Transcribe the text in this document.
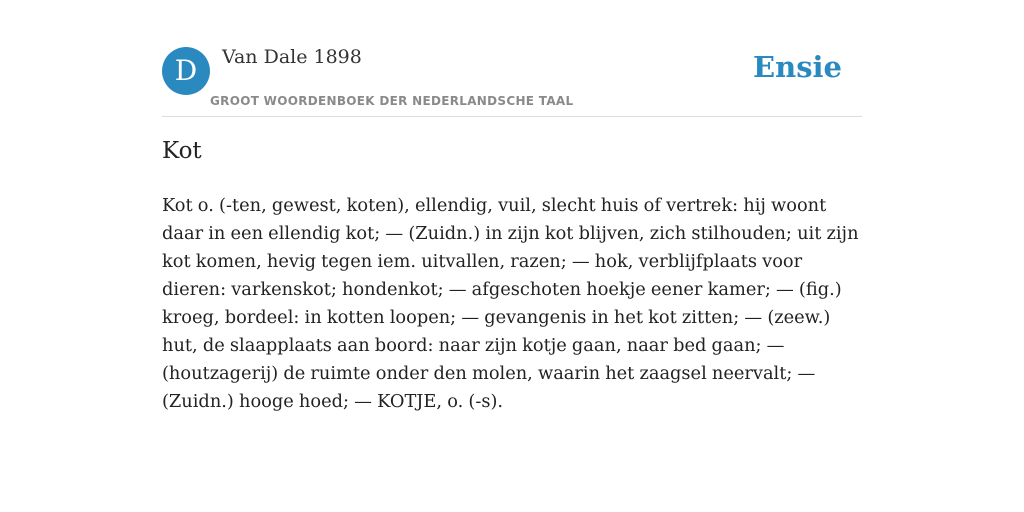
D	Van Dale 1898
GROOT WOORDENBOEK DER NEDERLANDSCHE TAAL
Ensie
Kot

Kot o. (-ten, gewest, koten), ellendig, vuil, slecht huis of vertrek: hij woont daar in een ellendig kot; — (Zuidn.) in zijn kot blijven, zich stilhouden; uit zijn kot komen, hevig tegen iem. uitvallen, razen; — hok, verblijfplaats voor dieren: varkenskot; hondenkot; — afgeschoten hoekje eener kamer; — (fig.) kroeg, bordeel: in kotten loopen; — gevangenis in het kot zitten; — (zeew.) hut, de slaapplaats aan boord: naar zijn kotje gaan, naar bed gaan; — (houtzagerij) de ruimte onder den molen, waarin het zaagsel neervalt; — (Zuidn.) hooge hoed; — KOTJE, o. (-s).
